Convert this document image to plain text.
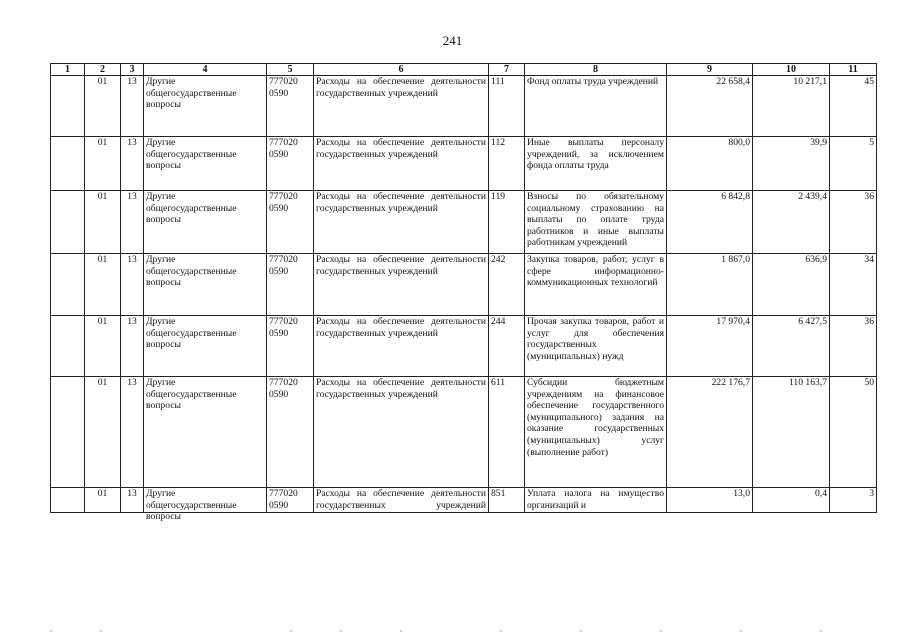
241
1	2	3	4	5	6	7	8	9	10	11
	01	13	Другие общегосударственные вопросы	777020 0590	Расходы на обеспечение деятельности государственных учреждений	111	Фонд оплаты труда учреждений	22 658,4	10 217,1	45
	01	13	Другие общегосударственные вопросы	777020 0590	Расходы на обеспечение деятельности государственных учреждений	112	Иные выплаты персоналу учреждений, за исключением фонда оплаты труда	800,0	39,9	5
	01	13	Другие общегосударственные вопросы	777020 0590	Расходы на обеспечение деятельности государственных учреждений	119	Взносы по обязательному социальному страхованию на выплаты по оплате труда работников и иные выплаты работникам учреждений	6 842,8	2 439,4	36
	01	13	Другие общегосударственные вопросы	777020 0590	Расходы на обеспечение деятельности государственных учреждений	242	Закупка товаров, работ, услуг в сфере информационно-коммуникационных технологий	1 867,0	636,9	34
	01	13	Другие общегосударственные вопросы	777020 0590	Расходы на обеспечение деятельности государственных учреждений	244	Прочая закупка товаров, работ и услуг для обеспечения государственных (муниципальных) нужд	17 970,4	6 427,5	36
	01	13	Другие общегосударственные вопросы	777020 0590	Расходы на обеспечение деятельности государственных учреждений	611	Субсидии бюджетным учреждениям на финансовое обеспечение государственного (муниципального) задания на оказание государственных (муниципальных) услуг (выполнение работ)	222 176,7	110 163,7	50
	01	13	Другие общегосударственные вопросы	777020 0590	Расходы на обеспечение деятельности государственных учреждений	851	Уплата налога на имущество организаций и	13,0	0,4	3
